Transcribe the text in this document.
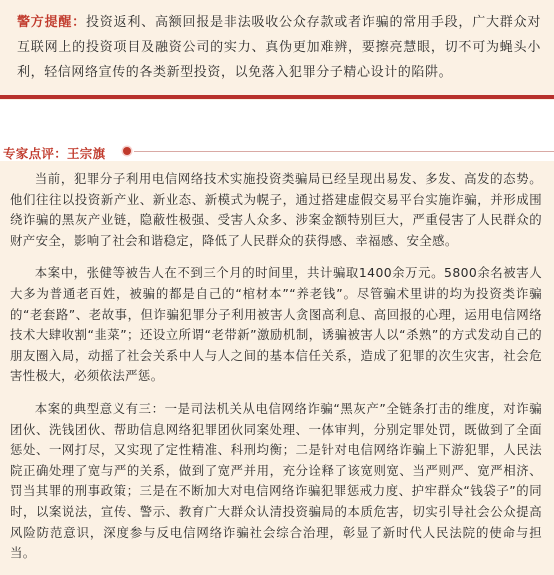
警方提醒：投资返利、高额回报是非法吸收公众存款或者诈骗的常用手段，广大群众对互联网上的投资项目及融资公司的实力、真伪更加难辨，要擦亮慧眼，切不可为蝇头小利，轻信网络宣传的各类新型投资，以免落入犯罪分子精心设计的陷阱。

专家点评：王宗旗

当前，犯罪分子利用电信网络技术实施投资类骗局已经呈现出易发、多发、高发的态势。他们往往以投资新产业、新业态、新模式为幌子，通过搭建虚假交易平台实施诈骗，并形成围绕诈骗的黑灰产业链，隐蔽性极强、受害人众多、涉案金额特别巨大，严重侵害了人民群众的财产安全，影响了社会和谐稳定，降低了人民群众的获得感、幸福感、安全感。

本案中，张健等被告人在不到三个月的时间里，共计骗取1400余万元。5800余名被害人大多为普通老百姓，被骗的都是自己的“棺材本”“养老钱”。尽管骗术里讲的均为投资类诈骗的“老套路”、老故事，但诈骗犯罪分子利用被害人贪图高利息、高回报的心理，运用电信网络技术大肆收割“韭菜”；还设立所谓“老带新”激励机制，诱骗被害人以“杀熟”的方式发动自己的朋友圈入局，动摇了社会关系中人与人之间的基本信任关系，造成了犯罪的次生灾害，社会危害性极大，必须依法严惩。

本案的典型意义有三：一是司法机关从电信网络诈骗“黑灰产”全链条打击的维度，对诈骗团伙、洗钱团伙、帮助信息网络犯罪团伙同案处理、一体审判，分别定罪处罚，既做到了全面惩处、一网打尽，又实现了定性精准、科刑均衡；二是针对电信网络诈骗上下游犯罪，人民法院正确处理了宽与严的关系，做到了宽严并用，充分诠释了该宽则宽、当严则严、宽严相济、罚当其罪的刑事政策；三是在不断加大对电信网络诈骗犯罪惩戒力度、护牢群众“钱袋子”的同时，以案说法，宣传、警示、教育广大群众认清投资骗局的本质危害，切实引导社会公众提高风险防范意识，深度参与反电信网络诈骗社会综合治理，彰显了新时代人民法院的使命与担当。
